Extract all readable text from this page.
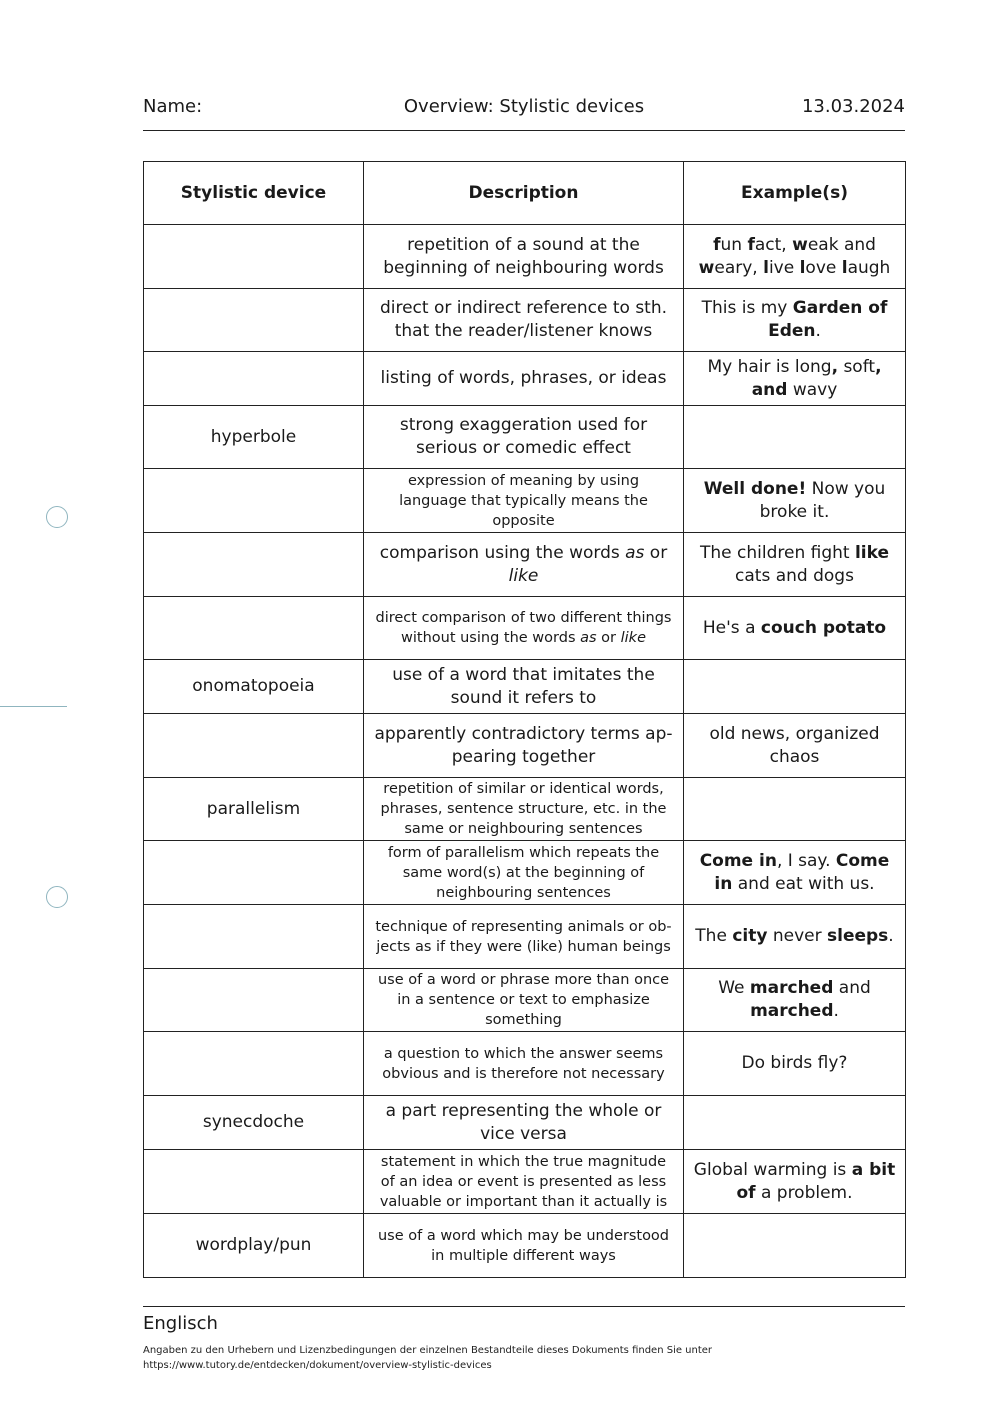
Name:	Overview: Stylistic devices	13.03.2024
Stylistic device	Description	Example(s)
	repetition of a sound at the beginning of neighbouring words	fun fact, weak and weary, live love laugh
	direct or indirect reference to sth. that the reader/listener knows	This is my Garden of Eden.
	listing of words, phrases, or ideas	My hair is long, soft, and wavy
hyperbole	strong exaggeration used for serious or comedic effect	
	expression of meaning by using language that typically means the opposite	Well done! Now you broke it.
	comparison using the words as or like	The children fight like cats and dogs
	direct comparison of two different things without using the words as or like	He's a couch potato
onomatopoeia	use of a word that imitates the sound it refers to	
	apparently contradictory terms appearing together	old news, organized chaos
parallelism	repetition of similar or identical words, phrases, sentence structure, etc. in the same or neighbouring sentences	
	form of parallelism which repeats the same word(s) at the beginning of neighbouring sentences	Come in, I say. Come in and eat with us.
	technique of representing animals or objects as if they were (like) human beings	The city never sleeps.
	use of a word or phrase more than once in a sentence or text to emphasize something	We marched and marched.
	a question to which the answer seems obvious and is therefore not necessary	Do birds fly?
synecdoche	a part representing the whole or vice versa	
	statement in which the true magnitude of an idea or event is presented as less valuable or important than it actually is	Global warming is a bit of a problem.
wordplay/pun	use of a word which may be understood in multiple different ways	
Englisch
Angaben zu den Urhebern und Lizenzbedingungen der einzelnen Bestandteile dieses Dokuments finden Sie unter
https://www.tutory.de/entdecken/dokument/overview-stylistic-devices
